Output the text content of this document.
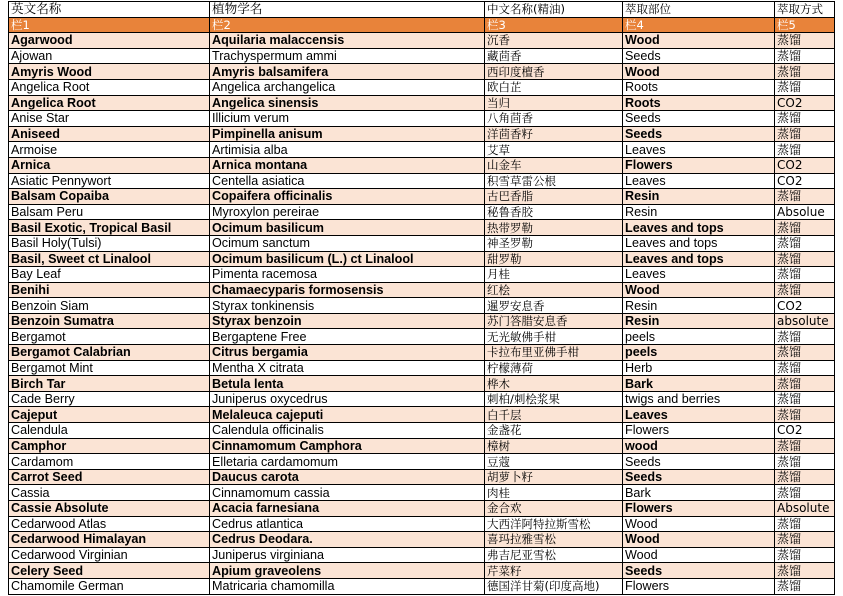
英文名称	植物学名	中文名称(精油)	萃取部位	萃取方式
栏1	栏2	栏3	栏4	栏5
Agarwood	Aquilaria malaccensis	沉香	Wood	蒸馏
Ajowan	Trachyspermum ammi	藏茴香	Seeds	蒸馏
Amyris Wood	Amyris balsamifera	西印度檀香	Wood	蒸馏
Angelica Root	Angelica archangelica	欧白芷	Roots	蒸馏
Angelica Root	Angelica sinensis	当归	Roots	CO2
Anise Star	Illicium verum	八角茴香	Seeds	蒸馏
Aniseed	Pimpinella anisum	洋茴香籽	Seeds	蒸馏
Armoise	Artimisia alba	艾草	Leaves	蒸馏
Arnica	Arnica montana	山金车	Flowers	CO2
Asiatic Pennywort	Centella asiatica	积雪草雷公根	Leaves	CO2
Balsam Copaiba	Copaifera officinalis	古巴香脂	Resin	蒸馏
Balsam Peru	Myroxylon pereirae	秘鲁香胶	Resin	Absolue
Basil Exotic, Tropical Basil	Ocimum basilicum	热带罗勒	Leaves and tops	蒸馏
Basil Holy(Tulsi)	Ocimum sanctum	神圣罗勒	Leaves and tops	蒸馏
Basil, Sweet ct Linalool	Ocimum basilicum (L.) ct Linalool	甜罗勒	Leaves and tops	蒸馏
Bay Leaf	Pimenta racemosa	月桂	Leaves	蒸馏
Benihi	Chamaecyparis formosensis	红桧	Wood	蒸馏
Benzoin Siam	Styrax tonkinensis	暹罗安息香	Resin	CO2
Benzoin Sumatra	Styrax benzoin	苏门答腊安息香	Resin	absolute
Bergamot	Bergaptene Free	无光敏佛手柑	peels	蒸馏
Bergamot Calabrian	Citrus bergamia	卡拉布里亚佛手柑	peels	蒸馏
Bergamot Mint	Mentha X citrata	柠檬薄荷	Herb	蒸馏
Birch Tar	Betula lenta	桦木	Bark	蒸馏
Cade Berry	Juniperus oxycedrus	刺柏/刺桧浆果	twigs and berries	蒸馏
Cajeput	Melaleuca cajeputi	白千层	Leaves	蒸馏
Calendula	Calendula officinalis	金盏花	Flowers	CO2
Camphor	Cinnamomum Camphora	樟树	wood	蒸馏
Cardamom	Elletaria cardamomum	豆蔻	Seeds	蒸馏
Carrot Seed	Daucus carota	胡萝卜籽	Seeds	蒸馏
Cassia	Cinnamomum cassia	肉桂	Bark	蒸馏
Cassie Absolute	Acacia farnesiana	金合欢	Flowers	Absolute
Cedarwood Atlas	Cedrus atlantica	大西洋阿特拉斯雪松	Wood	蒸馏
Cedarwood Himalayan	Cedrus Deodara.	喜玛拉雅雪松	Wood	蒸馏
Cedarwood Virginian	Juniperus virginiana	弗吉尼亚雪松	Wood	蒸馏
Celery Seed	Apium graveolens	芹菜籽	Seeds	蒸馏
Chamomile German	Matricaria chamomilla	德国洋甘菊(印度高地)	Flowers	蒸馏
